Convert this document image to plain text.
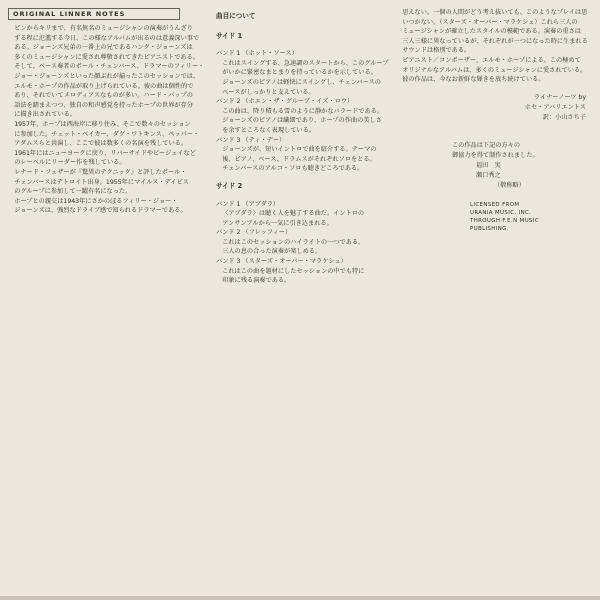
ORIGINAL LINNER NOTES

ピンからキリまで、有名無名のミュージシャンの演奏がうんざり

する程に氾濫する今日、この様なアルバムが出るのは意義深い事で

ある。ジョーンズ兄弟の一番上の兄であるハンク・ジョーンズは

多くのミュージシャンに愛され尊敬されてきたピアニストである。

そして、ベース奏者のポール・チェンバース、ドラマーのフィリー・

ジョー・ジョーンズといった顔ぶれが揃ったこのセッションでは、

エルモ・ホープの作品が取り上げられている。彼の曲は個性的で

あり、それでいてメロディアスなものが多い。ハード・バップの

語法を踏まえつつ、独自の和声感覚を持ったホープの世界が存分

に描き出されている。

1957年、ホープは西海岸に移り住み、そこで数々のセッション

に参加した。チェット・ベイカー、ダグ・ワトキンス、ペッパー・

アダムスらと共演し、ここで彼は数多くの名演を残している。

1961年にはニューヨークに戻り、リバーサイドやビージェイなど

のレーベルにリーダー作を残している。

レナード・フェザーが『驚異のテクニック』と評したポール・

チェンバースはデトロイト出身。1955年にマイルス・デイビス

のグループに参加して一躍有名になった。

ホープとの親交は1943年にさかのぼるフィリー・ジョー・

ジョーンズは、強烈なドライブ感で知られるドラマーである。

曲目について
サイド 1

バンド 1 （ホット・ソース）

これはスイングする、急速調のスタートから、このグループ

がいかに緊密なまとまりを持っているかを示している。

ジョーンズのピアノは軽快にスイングし、チェンバースの

ベースがしっかりと支えている。

バンド 2 （ホエン・ザ・グルーブ・イズ・ロウ）

この曲は、降り積もる雪のように静かなバラードである。

ジョーンズのピアノは繊細であり、ホープの作曲の美しさ

を余すところなく表現している。

バンド 3 （ティ・デー）

ジョーンズが、短いイントロで曲を紹介する。テーマの

後、ピアノ、ベース、ドラムスがそれぞれソロをとる。

チェンバースのアルコ・ソロも聴きどころである。

サイド 2

バンド 1 （アブダラ）

〈アブダラ〉は聴く人を魅了する曲だ。イントロの

アンサンブルから一気に引き込まれる。

バンド 2 （フレッフィー）

これはこのセッションのハイライトの一つである。

三人の息の合った演奏が楽しめる。

バンド 3 （スターズ・オーバー・マラケシュ）

これはこの曲を題材にしたセッションの中でも特に

印象に残る演奏である。

思えない。一個の人間がどう考え抜いても、このようなプレイは思

いつかない。（スターズ・オーバー・マラケシュ）これら三人の

ミュージシャンが確立したスタイルの模範である。演奏の重さは

三人三様に異なっているが、それぞれが一つになった時に生まれる

サウンドは格別である。

ピアニスト／コンポーザー、エルモ・ホープによる、この極めて

オリジナルなアルバムは、多くのミュージシャンに愛されている。

彼の作品は、今なお新鮮な輝きを放ち続けている。

ライナーノーツ by
ホセ・アバリエントス
訳：小山さち子
この作品は下記の方々の
御協力を得て制作されました。
福田　実
瀬口秀之
（敬称略）
LICENSED FROM
URANIA MUSIC, INC.
THROUGH F.E.N MUSIC
PUBLISHING.
